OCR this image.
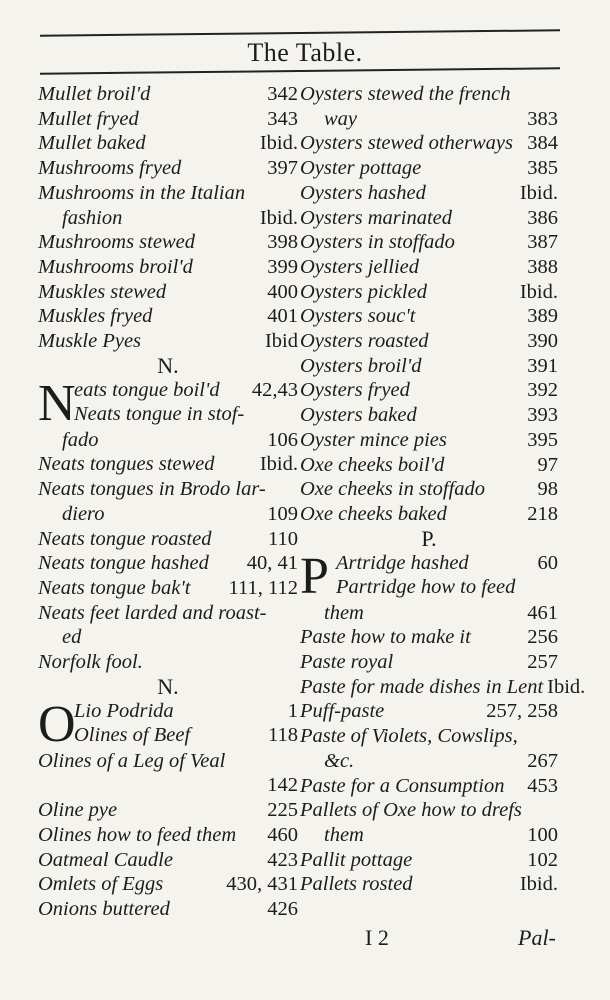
The Table.
Mullet broil'd	342
Mullet fryed	343
Mullet baked	Ibid.
Mushrooms fryed	397
Mushrooms in the Italian
fashion	Ibid.
Mushrooms stewed	398
Mushrooms broil'd	399
Muskles stewed	400
Muskles fryed	401
Muskle Pyes	Ibid
N.
N
eats tongue boil'd	42,43
Neats tongue in stof-
fado	106
Neats tongues stewed	Ibid.
Neats tongues in Brodo lar-
diero	109
Neats tongue roasted	110
Neats tongue hashed	40, 41
Neats tongue bak't	111, 112
Neats feet larded and roast-
ed
Norfolk fool.
N.
O
Lio Podrida	1
Olines of Beef	118
Olines of a Leg of Veal
142
Oline pye	225
Olines how to feed them	460
Oatmeal Caudle	423
Omlets of Eggs	430, 431
Onions buttered	426
Oysters stewed the french
way	383
Oysters stewed otherways 384
Oyster pottage	385
Oysters hashed	Ibid.
Oysters marinated	386
Oysters in stoffado	387
Oysters jellied	388
Oysters pickled	Ibid.
Oysters souc't	389
Oysters roasted	390
Oysters broil'd	391
Oysters fryed	392
Oysters baked	393
Oyster mince pies	395
Oxe cheeks boil'd	97
Oxe cheeks in stoffado	98
Oxe cheeks baked	218
P.
P Artridge hashed	60
Partridge how to feed
them	461
Paste how to make it	256
Paste royal	257
Paste for made dishes in Lent Ibid.
Puff-paste	257, 258
Paste of Violets, Cowslips,
&c.	267
Paste for a Consumption	453
Pallets of Oxe how to drefs
them	100
Pallit pottage	102
Pallets rosted	Ibid.
I 2	Pal-
